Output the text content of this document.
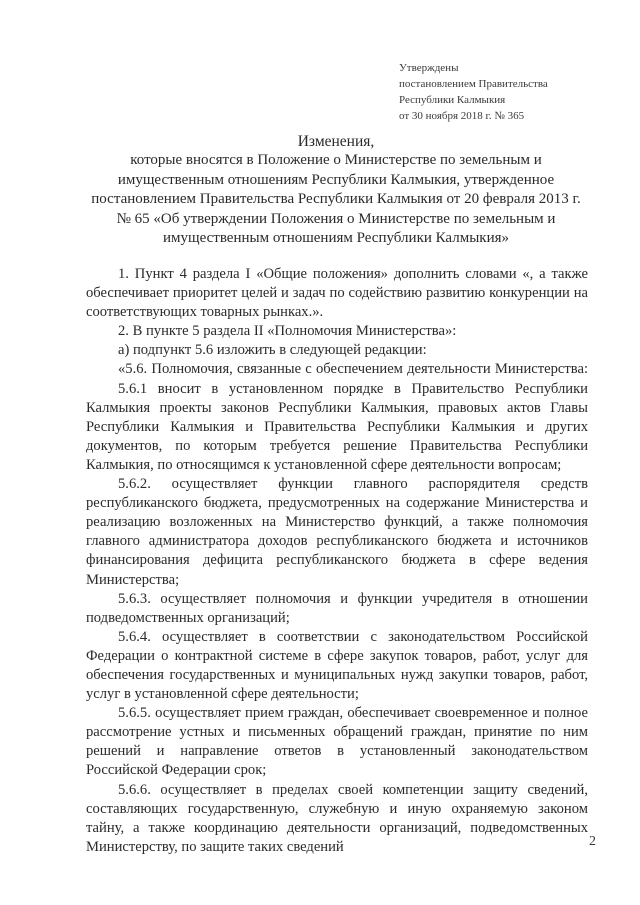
Утверждены
постановлением Правительства
Республики Калмыкия
от 30 ноября 2018 г. № 365
Изменения,
которые вносятся в Положение о Министерстве по земельным и имущественным отношениям Республики Калмыкия, утвержденное постановлением Правительства Республики Калмыкия от 20 февраля 2013 г. № 65 «Об утверждении Положения о Министерстве по земельным и имущественным отношениям Республики Калмыкия»

1. Пункт 4 раздела I «Общие положения» дополнить словами «, а также обеспечивает приоритет целей и задач по содействию развитию конкуренции на соответствующих товарных рынках.».

2. В пункте 5 раздела II «Полномочия Министерства»:

а) подпункт 5.6 изложить в следующей редакции:

«5.6. Полномочия, связанные с обеспечением деятельности Министерства:

5.6.1 вносит в установленном порядке в Правительство Республики Калмыкия проекты законов Республики Калмыкия, правовых актов Главы Республики Калмыкия и Правительства Республики Калмыкия и других документов, по которым требуется решение Правительства Республики Калмыкия, по относящимся к установленной сфере деятельности вопросам;

5.6.2. осуществляет функции главного распорядителя средств республиканского бюджета, предусмотренных на содержание Министерства и реализацию возложенных на Министерство функций, а также полномочия главного администратора доходов республиканского бюджета и источников финансирования дефицита республиканского бюджета в сфере ведения Министерства;

5.6.3. осуществляет полномочия и функции учредителя в отношении подведомственных организаций;

5.6.4. осуществляет в соответствии с законодательством Российской Федерации о контрактной системе в сфере закупок товаров, работ, услуг для обеспечения государственных и муниципальных нужд закупки товаров, работ, услуг в установленной сфере деятельности;

5.6.5. осуществляет прием граждан, обеспечивает своевременное и полное рассмотрение устных и письменных обращений граждан, принятие по ним решений и направление ответов в установленный законодательством Российской Федерации срок;

5.6.6. осуществляет в пределах своей компетенции защиту сведений, составляющих государственную, служебную и иную охраняемую законом тайну, а также координацию деятельности организаций, подведомственных Министерству, по защите таких сведений	2
